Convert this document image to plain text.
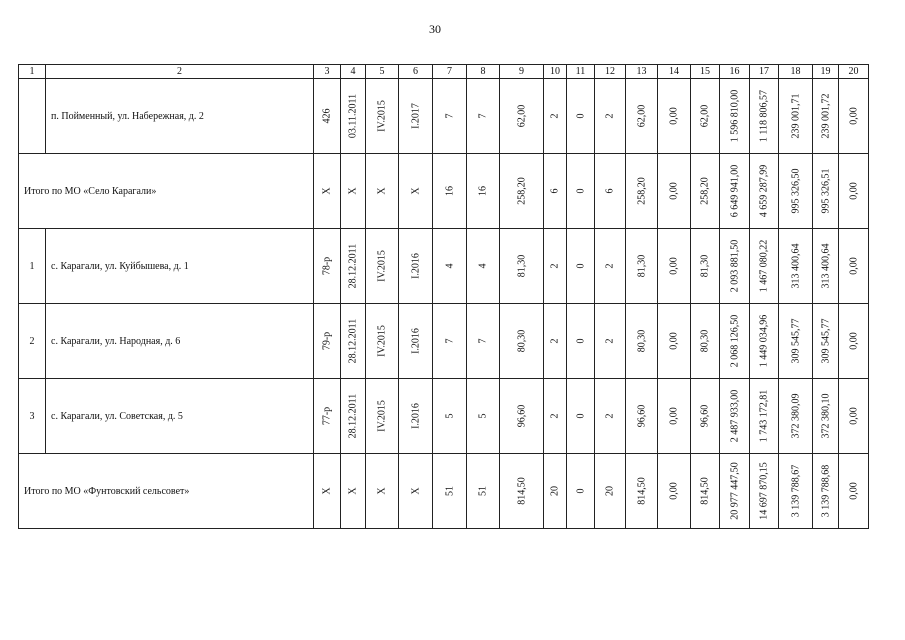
30
1	2	3	4	5	6	7	8	9	10	11	12	13	14	15	16	17	18	19	20
	п. Пойменный, ул. Набережная, д. 2	426	03.11.2011	IV.2015	I.2017	7	7	62,00	2	0	2	62,00	0,00	62,00	1 596 810,00	1 118 806,57	239 001,71	239 001,72	0,00

Итого по МО «Село Карагали»		Х	Х	Х	Х	16	16	258,20	6	0	6	258,20	0,00	258,20	6 649 941,00	4 659 287,99	995 326,50	995 326,51	0,00

1	с. Карагали, ул. Куйбышева, д. 1	78-р	28.12.2011	IV.2015	I.2016	4	4	81,30	2	0	2	81,30	0,00	81,30	2 093 881,50	1 467 080,22	313 400,64	313 400,64	0,00

2	с. Карагали, ул. Народная, д. 6	79-р	28.12.2011	IV.2015	I.2016	7	7	80,30	2	0	2	80,30	0,00	80,30	2 068 126,50	1 449 034,96	309 545,77	309 545,77	0,00

3	с. Карагали, ул. Советская, д. 5	77-р	28.12.2011	IV.2015	I.2016	5	5	96,60	2	0	2	96,60	0,00	96,60	2 487 933,00	1 743 172,81	372 380,09	372 380,10	0,00

Итого по МО «Фунтовский сельсовет»		Х	Х	Х	Х	51	51	814,50	20	0	20	814,50	0,00	814,50	20 977 447,50	14 697 870,15	3 139 788,67	3 139 788,68	0,00
